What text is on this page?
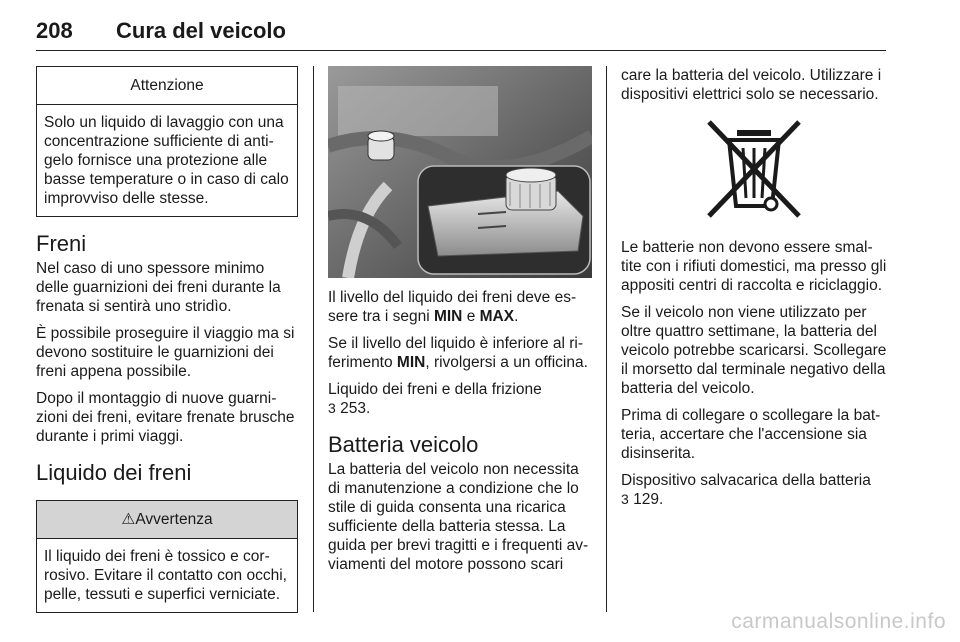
208 Cura del veicolo
Attenzione
Solo un liquido di lavaggio con una concentrazione sufficiente di antigelo fornisce una protezione alle basse temperature o in caso di calo improvviso delle stesse.
Freni

Nel caso di uno spessore minimo delle guarnizioni dei freni durante la frenata si sentirà uno stridìo.

È possibile proseguire il viaggio ma si devono sostituire le guarnizioni dei freni appena possibile.

Dopo il montaggio di nuove guarnizioni dei freni, evitare frenate brusche durante i primi viaggi.

Liquido dei freni
⚠Avvertenza
Il liquido dei freni è tossico e corrosivo. Evitare il contatto con occhi, pelle, tessuti e superfici verniciate.

Il livello del liquido dei freni deve essere tra i segni MIN e MAX.

Se il livello del liquido è inferiore al riferimento MIN, rivolgersi a un officina.

Liquido dei freni e della frizione
3 253.

Batteria veicolo

La batteria del veicolo non necessita di manutenzione a condizione che lo stile di guida consenta una ricarica sufficiente della batteria stessa. La guida per brevi tragitti e i frequenti avviamenti del motore possono scari

care la batteria del veicolo. Utilizzare i dispositivi elettrici solo se necessario.

Le batterie non devono essere smaltite con i rifiuti domestici, ma presso gli appositi centri di raccolta e riciclaggio.

Se il veicolo non viene utilizzato per oltre quattro settimane, la batteria del veicolo potrebbe scaricarsi. Scollegare il morsetto dal terminale negativo della batteria del veicolo.

Prima di collegare o scollegare la batteria, accertare che l'accensione sia disinserita.

Dispositivo salvacarica della batteria
3 129.

carmanualsonline.info
